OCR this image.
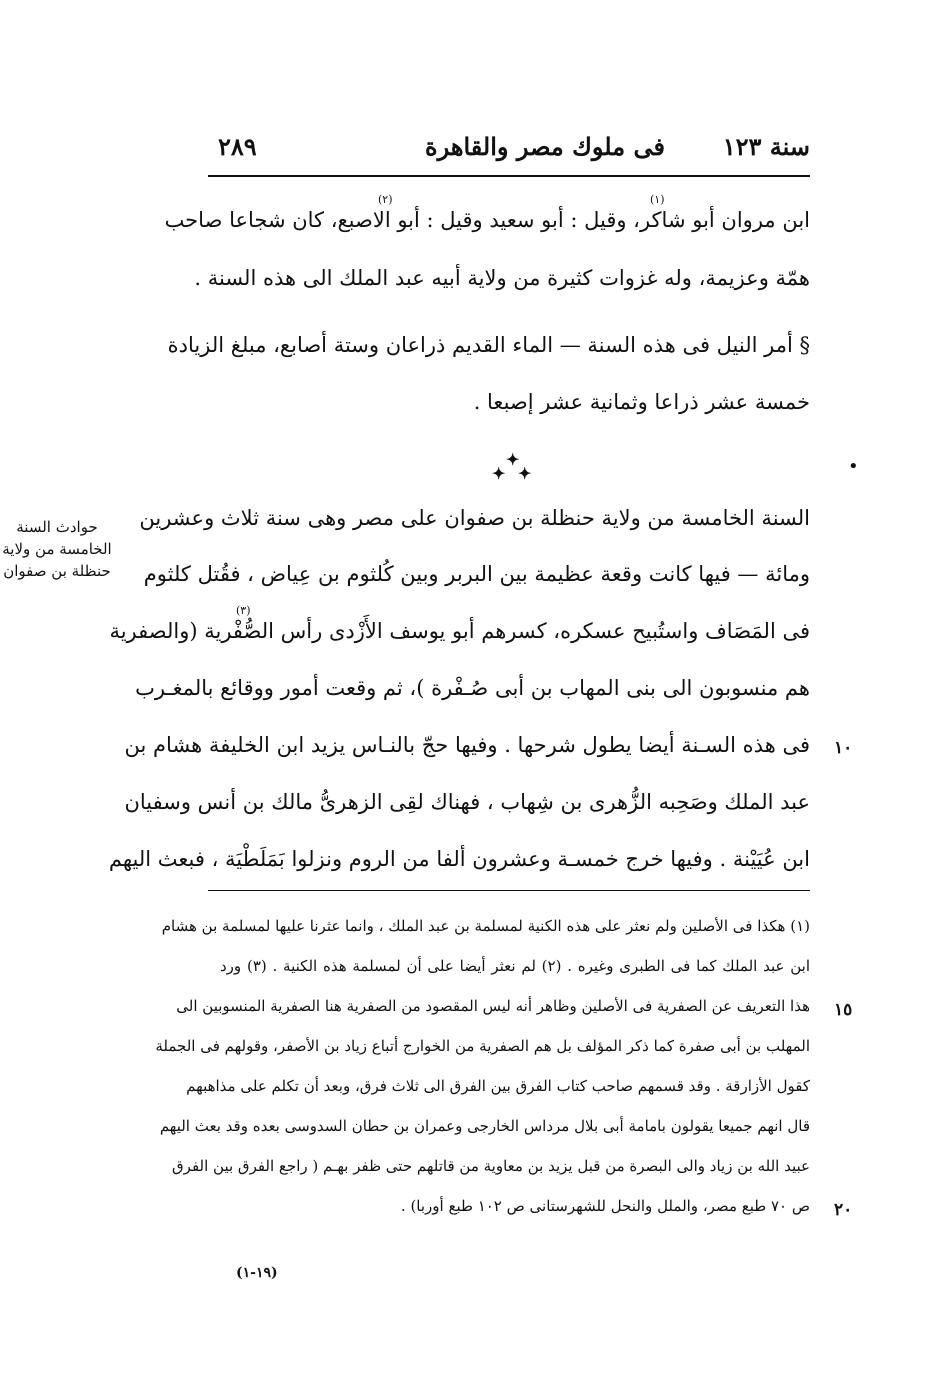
سنة ١٢٣
فى ملوك مصر والقاهرة
٢٨٩
(١)
(٢)
ابن مروان أبو شاكر، وقيل : أبو سعيد وقيل : أبو الاصبع، كان شجاعا صاحب
همّة وعزيمة، وله غزوات كثيرة من ولاية أبيه عبد الملك الى هذه السنة .
§ أمر النيل فى هذه السنة — الماء القديم ذراعان وستة أصابع، مبلغ الزيادة
خمسة عشر ذراعا وثمانية عشر إصبعا .
✦
✦ ✦	•
حوادث السنة الخامسة من ولاية حنظلة بن صفوان
(٣)
السنة الخامسة من ولاية حنظلة بن صفوان على مصر وهى سنة ثلاث وعشرين
ومائة — فيها كانت وقعة عظيمة بين البربر وبين كُلثوم بن عِياض ، فقُتل كلثوم
فى المَصَاف واستُبيح عسكره، كسرهم أبو يوسف الأَزْدى رأس الصُّفْرية (والصفرية
هم منسوبون الى بنى المهاب بن أبى صُـفْرة )، ثم وقعت أمور ووقائع بالمغـرب
فى هذه السـنة أيضا يطول شرحها . وفيها حجّ بالنـاس يزيد ابن الخليفة هشام بن
عبد الملك وصَحِبه الزُّهرى بن شِهاب ، فهناك لقِى الزهرىُّ مالك بن أنس وسفيان
ابن عُيَيْنة . وفيها خرج خمسـة وعشرون ألفا من الروم ونزلوا بَمَلَطْيَة ، فبعث اليهم
١٠
(١) هكذا فى الأصلين ولم نعثر على هذه الكنية لمسلمة بن عبد الملك ، وانما عثرنا عليها لمسلمة بن هشام
ابن عبد الملك كما فى الطبرى وغيره . (٢) لم نعثر أيضا على أن لمسلمة هذه الكنية . (٣) ورد
هذا التعريف عن الصفرية فى الأصلين وظاهر أنه ليس المقصود من الصفرية هنا الصفرية المنسوبين الى
المهلب بن أبى صفرة كما ذكر المؤلف بل هم الصفرية من الخوارج أتباع زياد بن الأصفر، وقولهم فى الجملة
كقول الأزارقة . وقد قسمهم صاحب كتاب الفرق بين الفرق الى ثلاث فرق، وبعد أن تكلم على مذاهبهم
قال انهم جميعا يقولون بامامة أبى بلال مرداس الخارجى وعمران بن حطان السدوسى بعده وقد بعث اليهم
عبيد الله بن زياد والى البصرة من قبل يزيد بن معاوية من قاتلهم حتى ظفر بهـم ( راجع الفرق بين الفرق
ص ٧٠ طبع مصر، والملل والنحل للشهرستانى ص ١٠٢ طبع أوربا) .
١٥
٢٠
(١٩-١)
